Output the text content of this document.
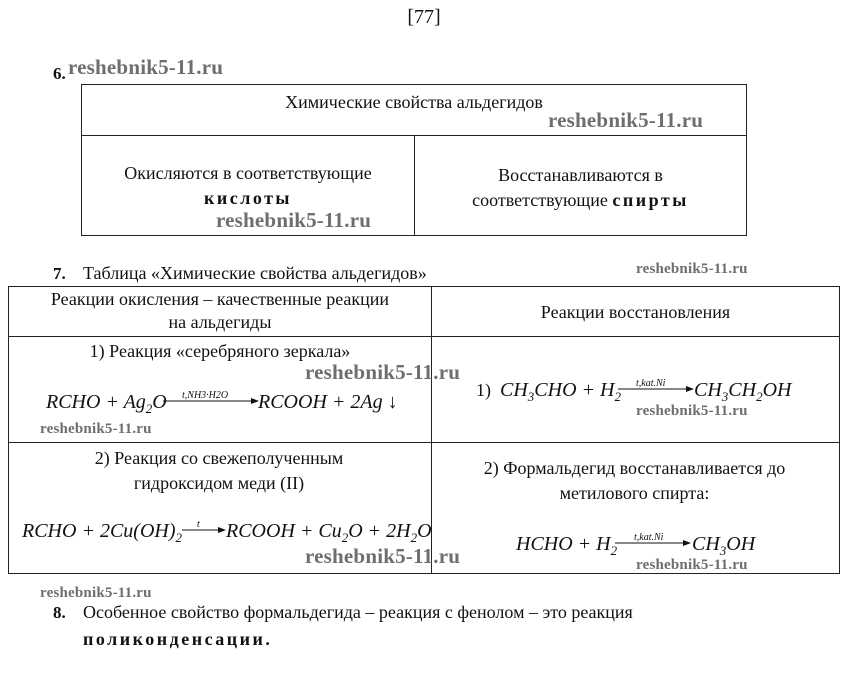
[77]
6. reshebnik5-11.ru
Химические свойства альдегидов
Окисляются в соответствующие
кислоты
Восстанавливаются в
соответствующие спирты
reshebnik5-11.ru
reshebnik5-11.ru
7. Таблица «Химические свойства альдегидов»	reshebnik5-11.ru
Реакции окисления – качественные реакции
на альдегиды	Реакции восстановления
1) Реакция «серебряного зеркала»
RCHO + $Ag_2O$ t,NH3·H2O RCOOH + 2Ag ↓
reshebnik5-11.ru
reshebnik5-11.ru
1) $CH_3CHO + H_2$
t,kat.Ni $CH_3CH_2OH$
reshebnik5-11.ru
2) Реакция со свежеполученным
гидроксидом меди (II)
RCHO + $2Cu(OH)_2$
t → RCOOH + $Cu_2O + 2H_2O$
reshebnik5-11.ru
2) Формальдегид восстанавливается до
метилового спирта:
HCHO + $H_2$
t,kat.Ni $CH_3OH$
reshebnik5-11.ru
reshebnik5-11.ru
8. Особенное свойство формальдегида – реакция с фенолом – это реакция
поликонденсации.
